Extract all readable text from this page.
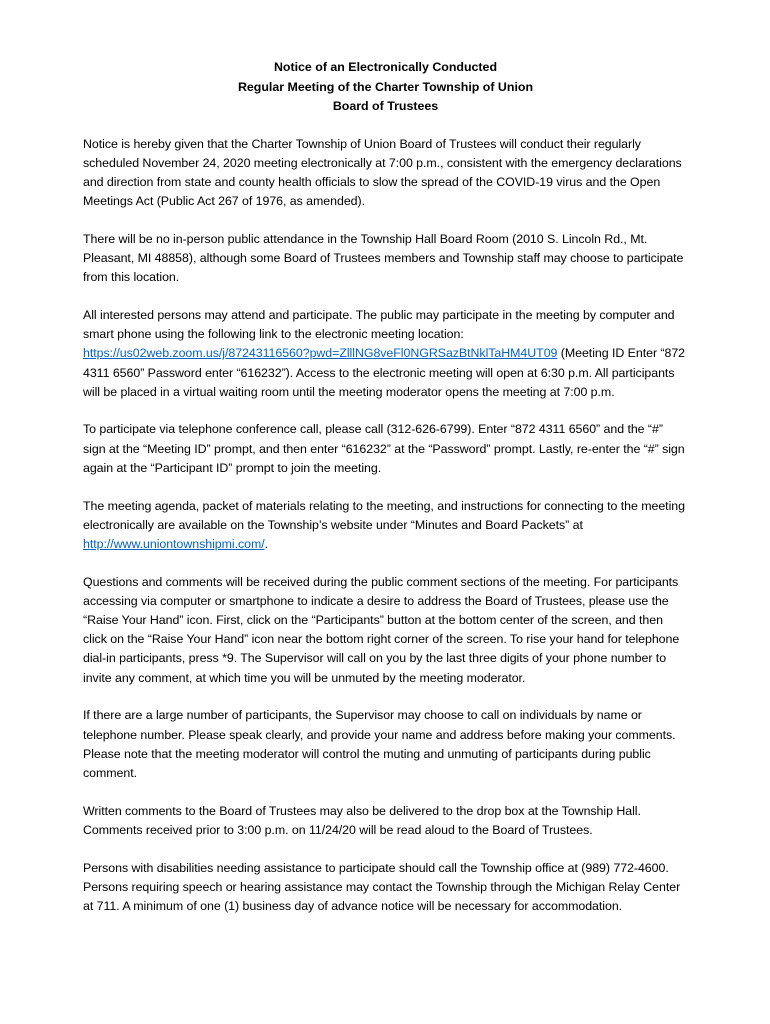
Notice of an Electronically Conducted
Regular Meeting of the Charter Township of Union
Board of Trustees

Notice is hereby given that the Charter Township of Union Board of Trustees will conduct their regularly scheduled November 24, 2020 meeting electronically at 7:00 p.m., consistent with the emergency declarations and direction from state and county health officials to slow the spread of the COVID-19 virus and the Open Meetings Act (Public Act 267 of 1976, as amended).

There will be no in-person public attendance in the Township Hall Board Room (2010 S. Lincoln Rd., Mt. Pleasant, MI 48858), although some Board of Trustees members and Township staff may choose to participate from this location.

All interested persons may attend and participate. The public may participate in the meeting by computer and smart phone using the following link to the electronic meeting location: https://us02web.zoom.us/j/87243116560?pwd=ZlllNG8veFl0NGRSazBtNklTaHM4UT09 (Meeting ID Enter “872 4311 6560” Password enter “616232”). Access to the electronic meeting will open at 6:30 p.m. All participants will be placed in a virtual waiting room until the meeting moderator opens the meeting at 7:00 p.m.

To participate via telephone conference call, please call (312-626-6799). Enter “872 4311 6560” and the “#” sign at the “Meeting ID” prompt, and then enter “616232” at the “Password” prompt. Lastly, re-enter the “#” sign again at the “Participant ID” prompt to join the meeting.

The meeting agenda, packet of materials relating to the meeting, and instructions for connecting to the meeting electronically are available on the Township’s website under “Minutes and Board Packets” at http://www.uniontownshipmi.com/.

Questions and comments will be received during the public comment sections of the meeting. For participants accessing via computer or smartphone to indicate a desire to address the Board of Trustees, please use the “Raise Your Hand” icon. First, click on the “Participants” button at the bottom center of the screen, and then click on the “Raise Your Hand” icon near the bottom right corner of the screen. To rise your hand for telephone dial-in participants, press *9. The Supervisor will call on you by the last three digits of your phone number to invite any comment, at which time you will be unmuted by the meeting moderator.

If there are a large number of participants, the Supervisor may choose to call on individuals by name or telephone number. Please speak clearly, and provide your name and address before making your comments. Please note that the meeting moderator will control the muting and unmuting of participants during public comment.

Written comments to the Board of Trustees may also be delivered to the drop box at the Township Hall. Comments received prior to 3:00 p.m. on 11/24/20 will be read aloud to the Board of Trustees.

Persons with disabilities needing assistance to participate should call the Township office at (989) 772-4600. Persons requiring speech or hearing assistance may contact the Township through the Michigan Relay Center at 711. A minimum of one (1) business day of advance notice will be necessary for accommodation.
